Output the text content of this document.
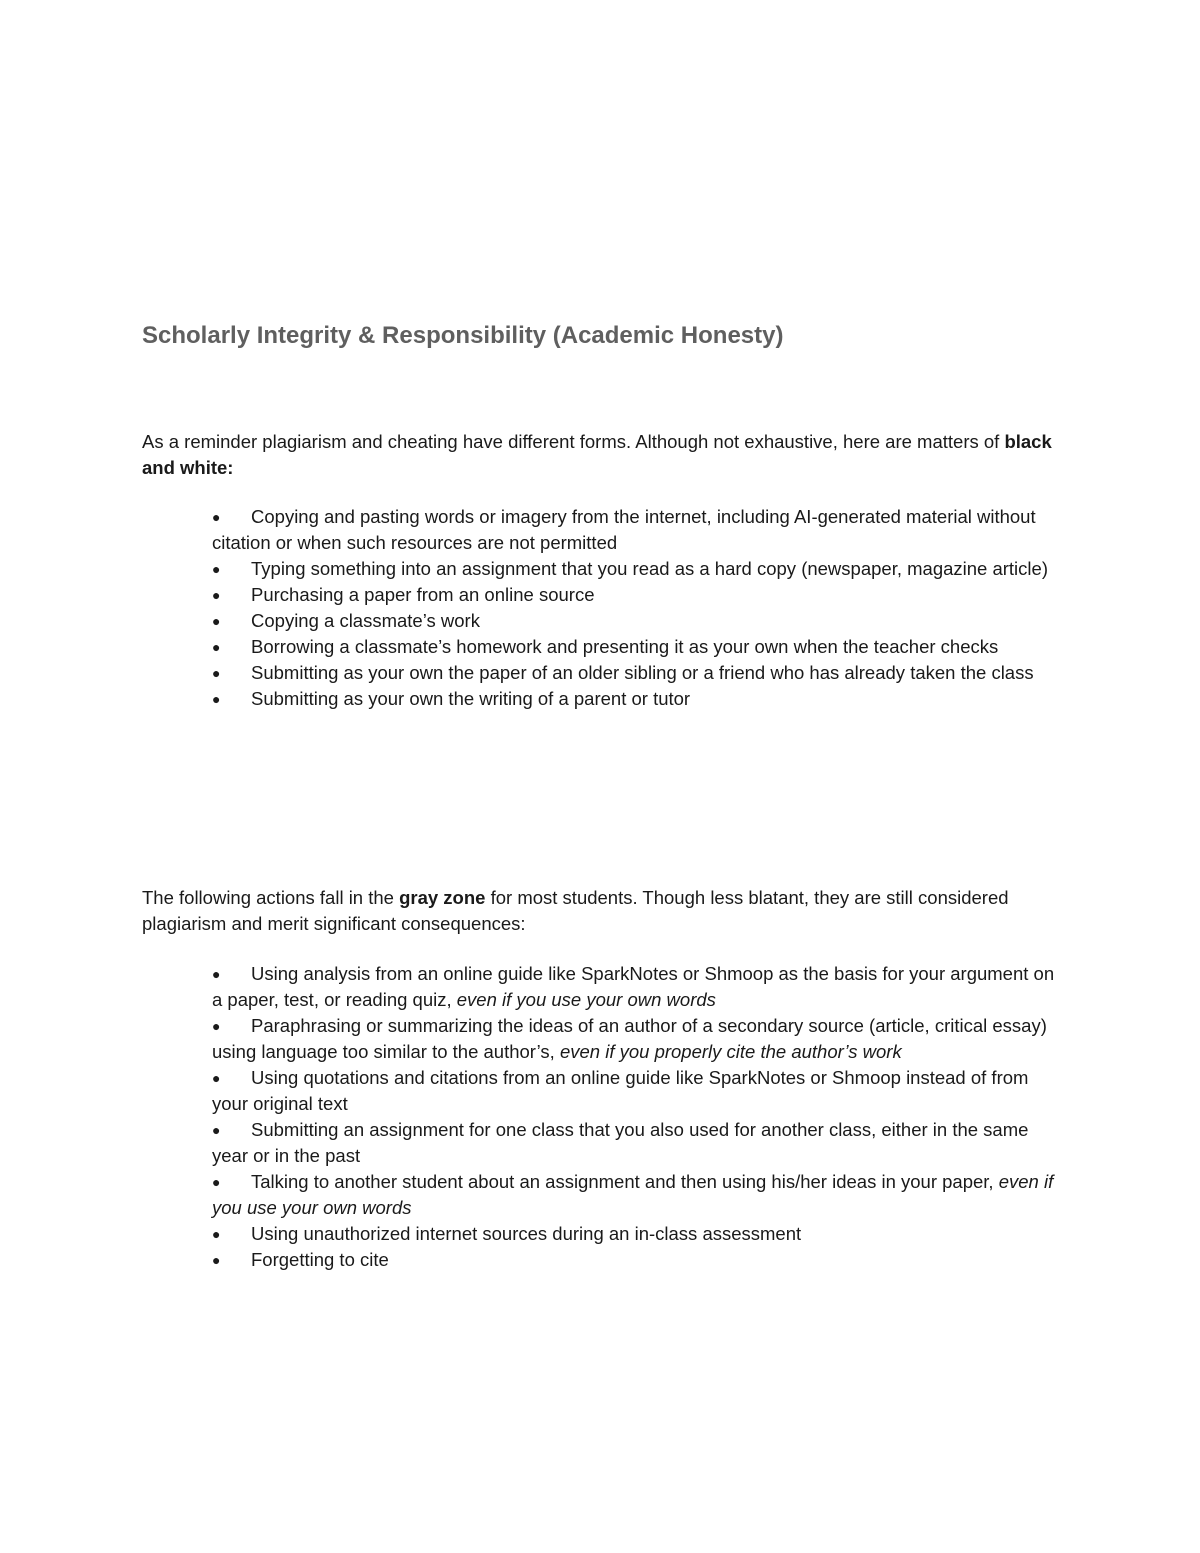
Scholarly Integrity & Responsibility (Academic Honesty)

As a reminder plagiarism and cheating have different forms. Although not exhaustive, here are matters of black and white:

● Copying and pasting words or imagery from the internet, including AI-generated material without citation or when such resources are not permitted
● Typing something into an assignment that you read as a hard copy (newspaper, magazine article)
● Purchasing a paper from an online source
● Copying a classmate’s work
● Borrowing a classmate’s homework and presenting it as your own when the teacher checks
● Submitting as your own the paper of an older sibling or a friend who has already taken the class
● Submitting as your own the writing of a parent or tutor

The following actions fall in the gray zone for most students. Though less blatant, they are still considered plagiarism and merit significant consequences:

● Using analysis from an online guide like SparkNotes or Shmoop as the basis for your argument on a paper, test, or reading quiz, even if you use your own words
● Paraphrasing or summarizing the ideas of an author of a secondary source (article, critical essay) using language too similar to the author’s, even if you properly cite the author’s work
● Using quotations and citations from an online guide like SparkNotes or Shmoop instead of from your original text
● Submitting an assignment for one class that you also used for another class, either in the same year or in the past
● Talking to another student about an assignment and then using his/her ideas in your paper, even if you use your own words
● Using unauthorized internet sources during an in-class assessment
● Forgetting to cite
